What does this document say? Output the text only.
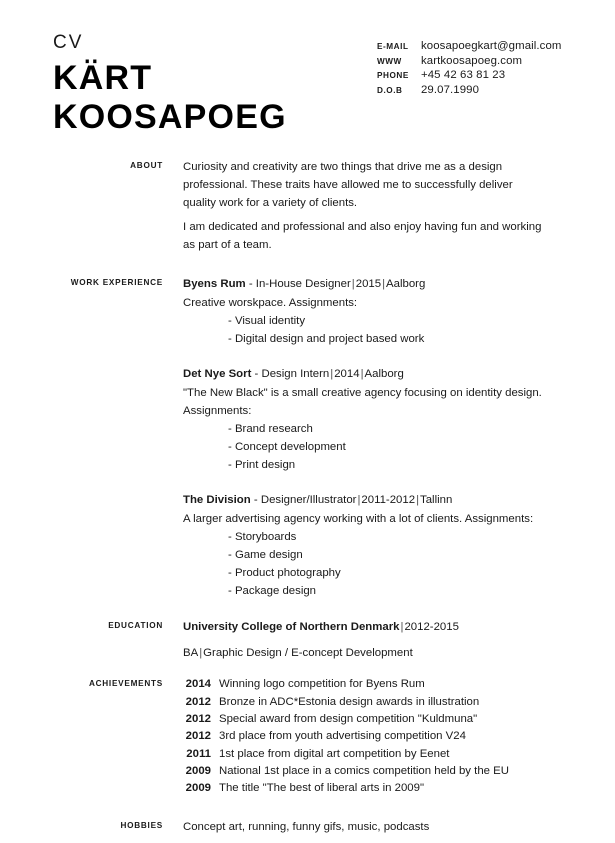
CV
KÄRT
KOOSAPOEG
E-MAIL	koosapoegkart@gmail.com
WWW	kartkoosapoeg.com
PHONE	+45 42 63 81 23
D.O.B	29.07.1990
ABOUT	Curiosity and creativity are two things that drive me as a design professional. These traits have allowed me to successfully deliver quality work for a variety of clients.
I am dedicated and professional and also enjoy having fun and working as part of a team.
WORK EXPERIENCE	Byens Rum - In-House Designer|2015|Aalborg
Creative worskpace. Assignments:
- Visual identity
- Digital design and project based work
Det Nye Sort - Design Intern|2014|Aalborg
"The New Black" is a small creative agency focusing on identity design. Assignments:
- Brand research
- Concept development
- Print design
The Division - Designer/Illustrator|2011-2012|Tallinn
A larger advertising agency working with a lot of clients. Assignments:
- Storyboards
- Game design
- Product photography
- Package design
EDUCATION	University College of Northern Denmark|2012-2015
BA|Graphic Design / E-concept Development
ACHIEVEMENTS	2014 Winning logo competition for Byens Rum
2012 Bronze in ADC*Estonia design awards in illustration
2012 Special award from design competition "Kuldmuna"
2012 3rd place from youth advertising competition V24
2011 1st place from digital art competition by Eenet
2009 National 1st place in a comics competition held by the EU
2009 The title "The best of liberal arts in 2009"
HOBBIES	Concept art, running, funny gifs, music, podcasts
